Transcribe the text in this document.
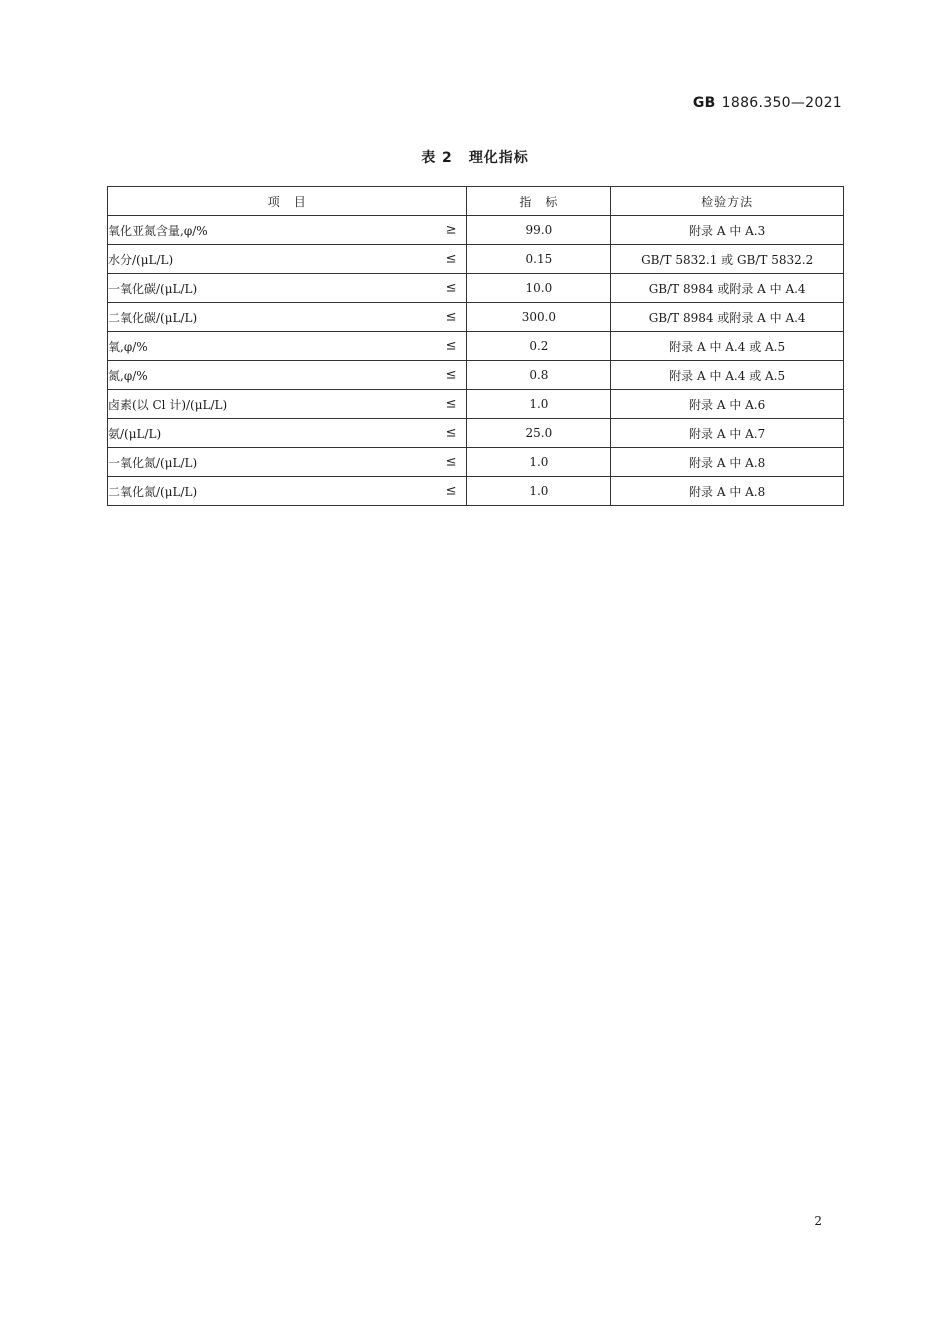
GB 1886.350—2021
表 2 理化指标
项　目	指　标	检验方法
氧化亚氮含量,φ/% ≥	99.0	附录 A 中 A.3
水分/(μL/L) ≤	0.15	GB/T 5832.1 或 GB/T 5832.2
一氧化碳/(μL/L) ≤	10.0	GB/T 8984 或附录 A 中 A.4
二氧化碳/(μL/L) ≤	300.0	GB/T 8984 或附录 A 中 A.4
氧,φ/% ≤	0.2	附录 A 中 A.4 或 A.5
氮,φ/% ≤	0.8	附录 A 中 A.4 或 A.5
卤素(以 Cl 计)/(μL/L) ≤	1.0	附录 A 中 A.6
氨/(μL/L) ≤	25.0	附录 A 中 A.7
一氧化氮/(μL/L) ≤	1.0	附录 A 中 A.8
二氧化氮/(μL/L) ≤	1.0	附录 A 中 A.8
2
